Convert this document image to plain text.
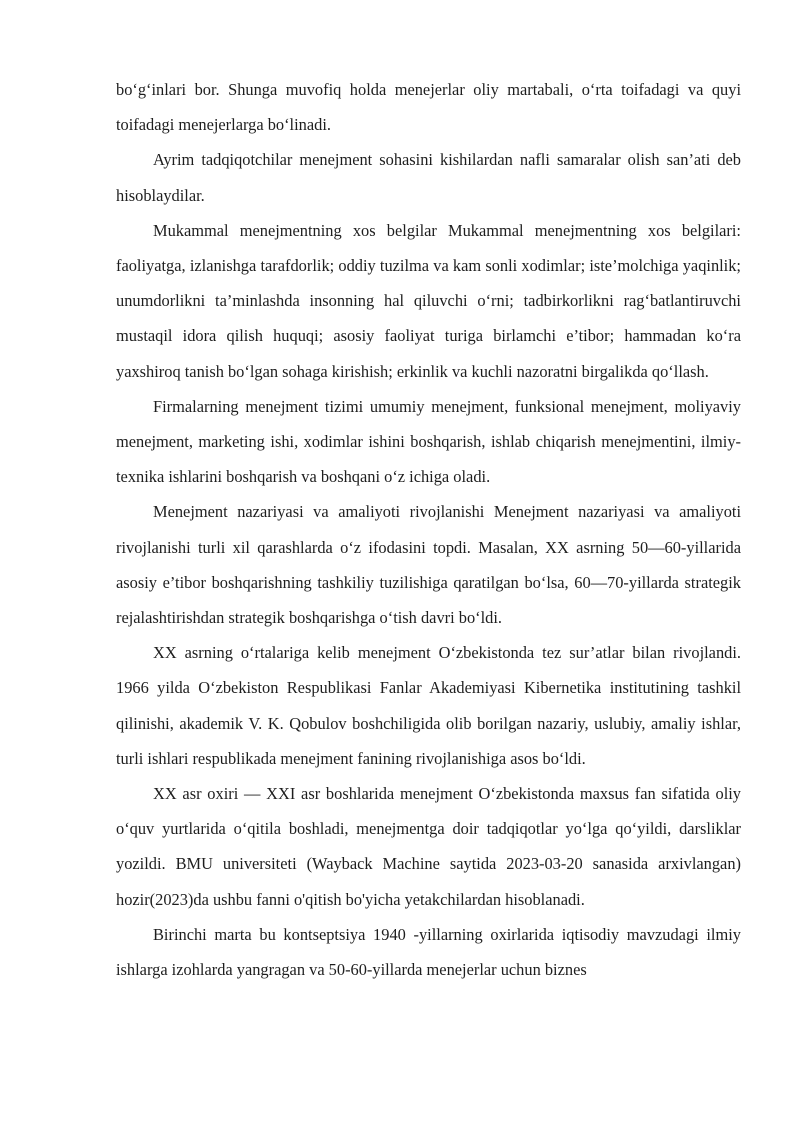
bo‘g‘inlari bor. Shunga muvofiq holda menejerlar oliy martabali, o‘rta toifadagi va quyi toifadagi menejerlarga bo‘linadi.

Ayrim tadqiqotchilar menejment sohasini kishilardan nafli samaralar olish san’ati deb hisoblaydilar.

Mukammal menejmentning xos belgilar Mukammal menejmentning xos belgilari: faoliyatga, izlanishga tarafdorlik; oddiy tuzilma va kam sonli xodimlar; iste’molchiga yaqinlik; unumdorlikni ta’minlashda insonning hal qiluvchi o‘rni; tadbirkorlikni rag‘batlantiruvchi mustaqil idora qilish huquqi; asosiy faoliyat turiga birlamchi e’tibor; hammadan ko‘ra yaxshiroq tanish bo‘lgan sohaga kirishish; erkinlik va kuchli nazoratni birgalikda qo‘llash.

Firmalarning menejment tizimi umumiy menejment, funksional menejment, moliyaviy menejment, marketing ishi, xodimlar ishini boshqarish, ishlab chiqarish menejmentini, ilmiy-texnika ishlarini boshqarish va boshqani o‘z ichiga oladi.

Menejment nazariyasi va amaliyoti rivojlanishi Menejment nazariyasi va amaliyoti rivojlanishi turli xil qarashlarda o‘z ifodasini topdi. Masalan, XX asrning 50—60-yillarida asosiy e’tibor boshqarishning tashkiliy tuzilishiga qaratilgan bo‘lsa, 60—70-yillarda strategik rejalashtirishdan strategik boshqarishga o‘tish davri bo‘ldi.

XX asrning o‘rtalariga kelib menejment O‘zbekistonda tez sur’atlar bilan rivojlandi. 1966 yilda O‘zbekiston Respublikasi Fanlar Akademiyasi Kibernetika institutining tashkil qilinishi, akademik V. K. Qobulov boshchiligida olib borilgan nazariy, uslubiy, amaliy ishlar, turli ishlari respublikada menejment fanining rivojlanishiga asos bo‘ldi.

XX asr oxiri — XXI asr boshlarida menejment O‘zbekistonda maxsus fan sifatida oliy o‘quv yurtlarida o‘qitila boshladi, menejmentga doir tadqiqotlar yo‘lga qo‘yildi, darsliklar yozildi. BMU universiteti (Wayback Machine saytida 2023-03-20 sanasida arxivlangan) hozir(2023)da ushbu fanni o'qitish bo'yicha yetakchilardan hisoblanadi.

Birinchi marta bu kontseptsiya 1940 -yillarning oxirlarida iqtisodiy mavzudagi ilmiy ishlarga izohlarda yangragan va 50-60-yillarda menejerlar uchun biznes
